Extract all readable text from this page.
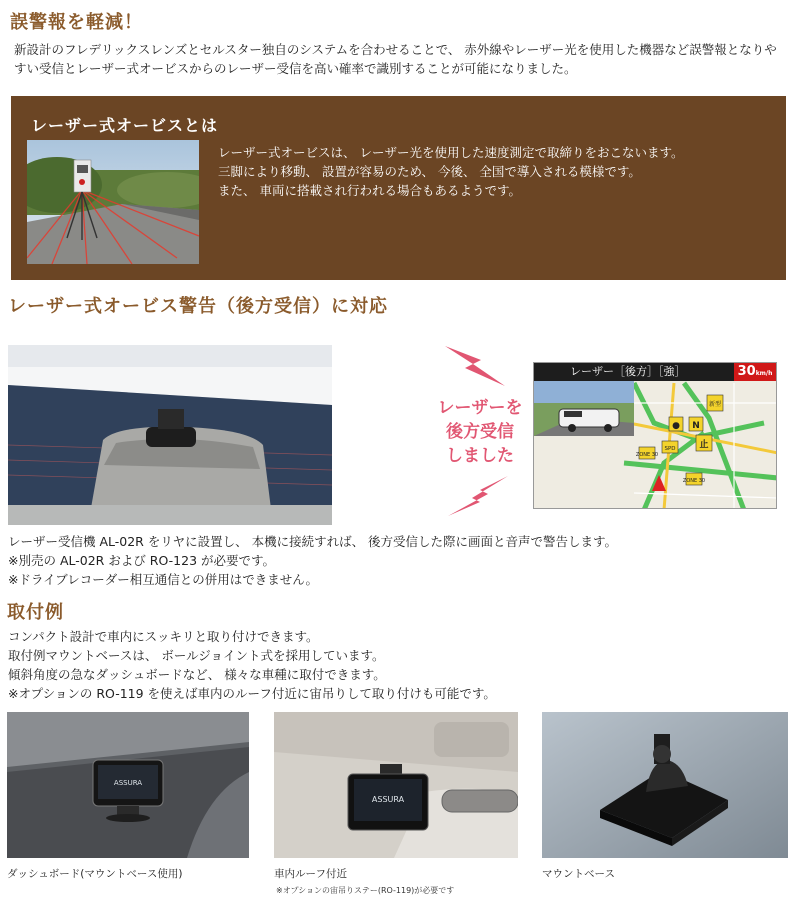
誤警報を軽減！
新設計のフレデリックスレンズとセルスター独自のシステムを合わせることで、 赤外線やレーザー光を使用した機器など誤警報となりやすい受信とレーザー式オービスからのレーザー受信を高い確率で識別することが可能になりました。
レーザー式オービスとは
レーザー式オービスは、 レーザー光を使用した速度測定で取締りをおこないます。
三脚により移動、 設置が容易のため、 今後、 全国で導入される模様です。
また、 車両に搭載され行われる場合もあるようです。
レーザー式オービス警告（後方受信）に対応
レーザーを
後方受信
しました
● N
新型
ZONE 30
SPD	止
ZONE 30
レーザー［後方］［強］	30km/h
レーザー受信機 AL-02R をリヤに設置し、 本機に接続すれば、 後方受信した際に画面と音声で警告します。
※別売の AL-02R および RO-123 が必要です。
※ドライブレコーダー相互通信との併用はできません。
取付例
コンパクト設計で車内にスッキリと取り付けできます。
取付例マウントベースは、 ボールジョイント式を採用しています。
傾斜角度の急なダッシュボードなど、 様々な車種に取付できます。
※オプションの RO-119 を使えば車内のルーフ付近に宙吊りして取り付けも可能です。
ASSURA
ASSURA
ダッシュボード(マウントベース使用)	車内ルーフ付近
※オプションの宙吊りステー(RO-119)が必要です
マウントベース
